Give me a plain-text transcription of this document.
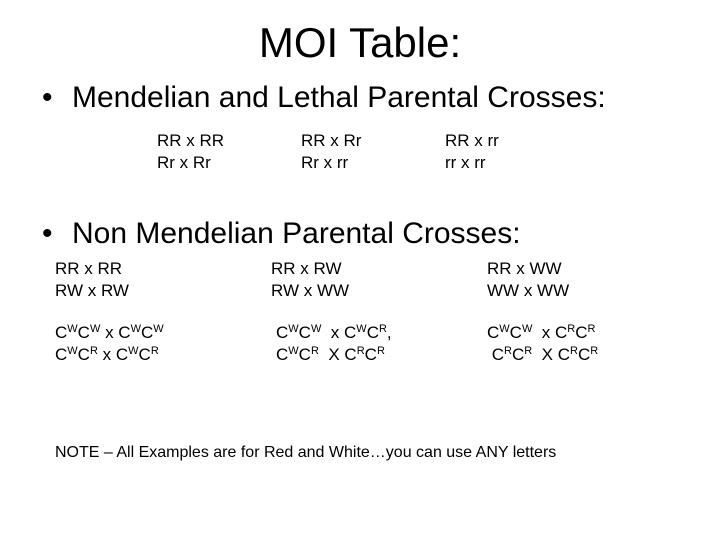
MOI Table:
• Mendelian and Lethal Parental Crosses:
RR x RR
Rr x Rr
RR x Rr
Rr x rr
RR x rr
rr x rr
• Non Mendelian Parental Crosses:
RR x RR
RW x RW
RR x RW
RW x WW
RR x WW
WW x WW
$C^WC^W$ x $C^WC^W$
$C^WC^R$ x $C^WC^R$
$C^WC^W$  x $C^WC^R$,
$C^WC^R$  X $C^RC^R$
$C^WC^W$  x $C^RC^R$
$C^RC^R$  X $C^RC^R$
NOTE – All Examples are for Red and White…you can use ANY letters
